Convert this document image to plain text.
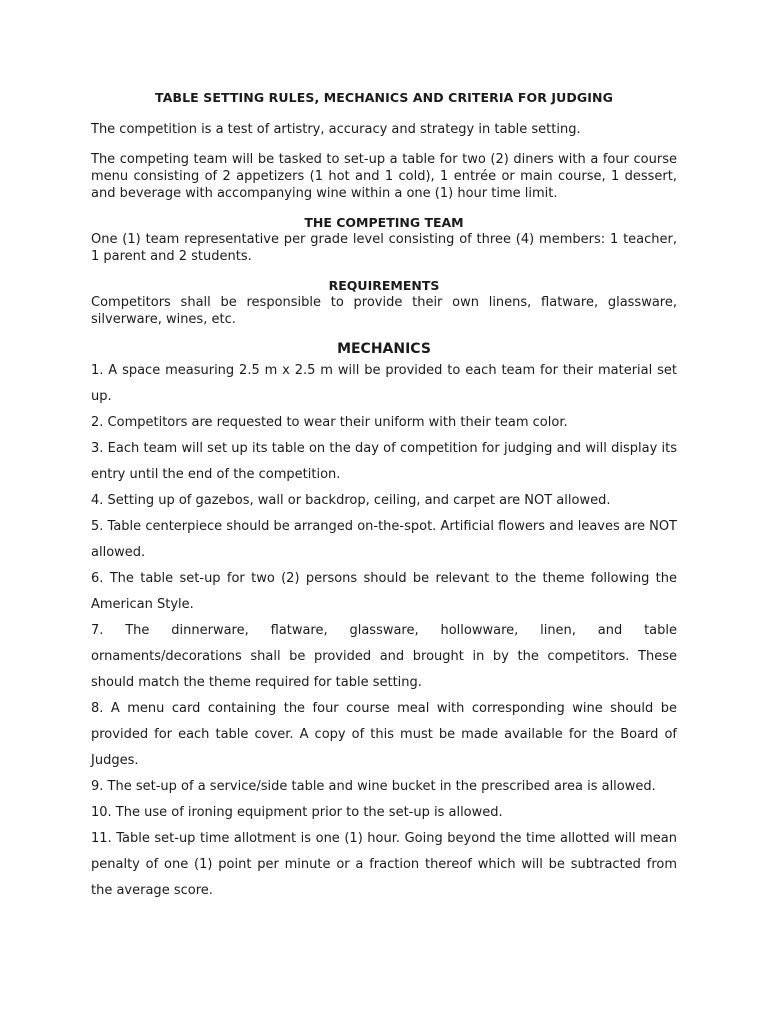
TABLE SETTING RULES, MECHANICS AND CRITERIA FOR JUDGING

The competition is a test of artistry, accuracy and strategy in table setting.

The competing team will be tasked to set-up a table for two (2) diners with a four course menu consisting of 2 appetizers (1 hot and 1 cold), 1 entrée or main course, 1 dessert, and beverage with accompanying wine within a one (1) hour time limit.

THE COMPETING TEAM

One (1) team representative per grade level consisting of three (4) members: 1 teacher, 1 parent and 2 students.

REQUIREMENTS

Competitors shall be responsible to provide their own linens, flatware, glassware, silverware, wines, etc.

MECHANICS
1. A space measuring 2.5 m x 2.5 m will be provided to each team for their material set up.
2. Competitors are requested to wear their uniform with their team color.
3. Each team will set up its table on the day of competition for judging and will display its entry until the end of the competition.
4. Setting up of gazebos, wall or backdrop, ceiling, and carpet are NOT allowed.
5. Table centerpiece should be arranged on-the-spot. Artificial flowers and leaves are NOT allowed.
6. The table set-up for two (2) persons should be relevant to the theme following the American Style.
7. The dinnerware, flatware, glassware, hollowware, linen, and table ornaments/decorations shall be provided and brought in by the competitors. These should match the theme required for table setting.
8. A menu card containing the four course meal with corresponding wine should be provided for each table cover. A copy of this must be made available for the Board of Judges.
9. The set-up of a service/side table and wine bucket in the prescribed area is allowed.
10. The use of ironing equipment prior to the set-up is allowed.
11. Table set-up time allotment is one (1) hour. Going beyond the time allotted will mean penalty of one (1) point per minute or a fraction thereof which will be subtracted from the average score.
